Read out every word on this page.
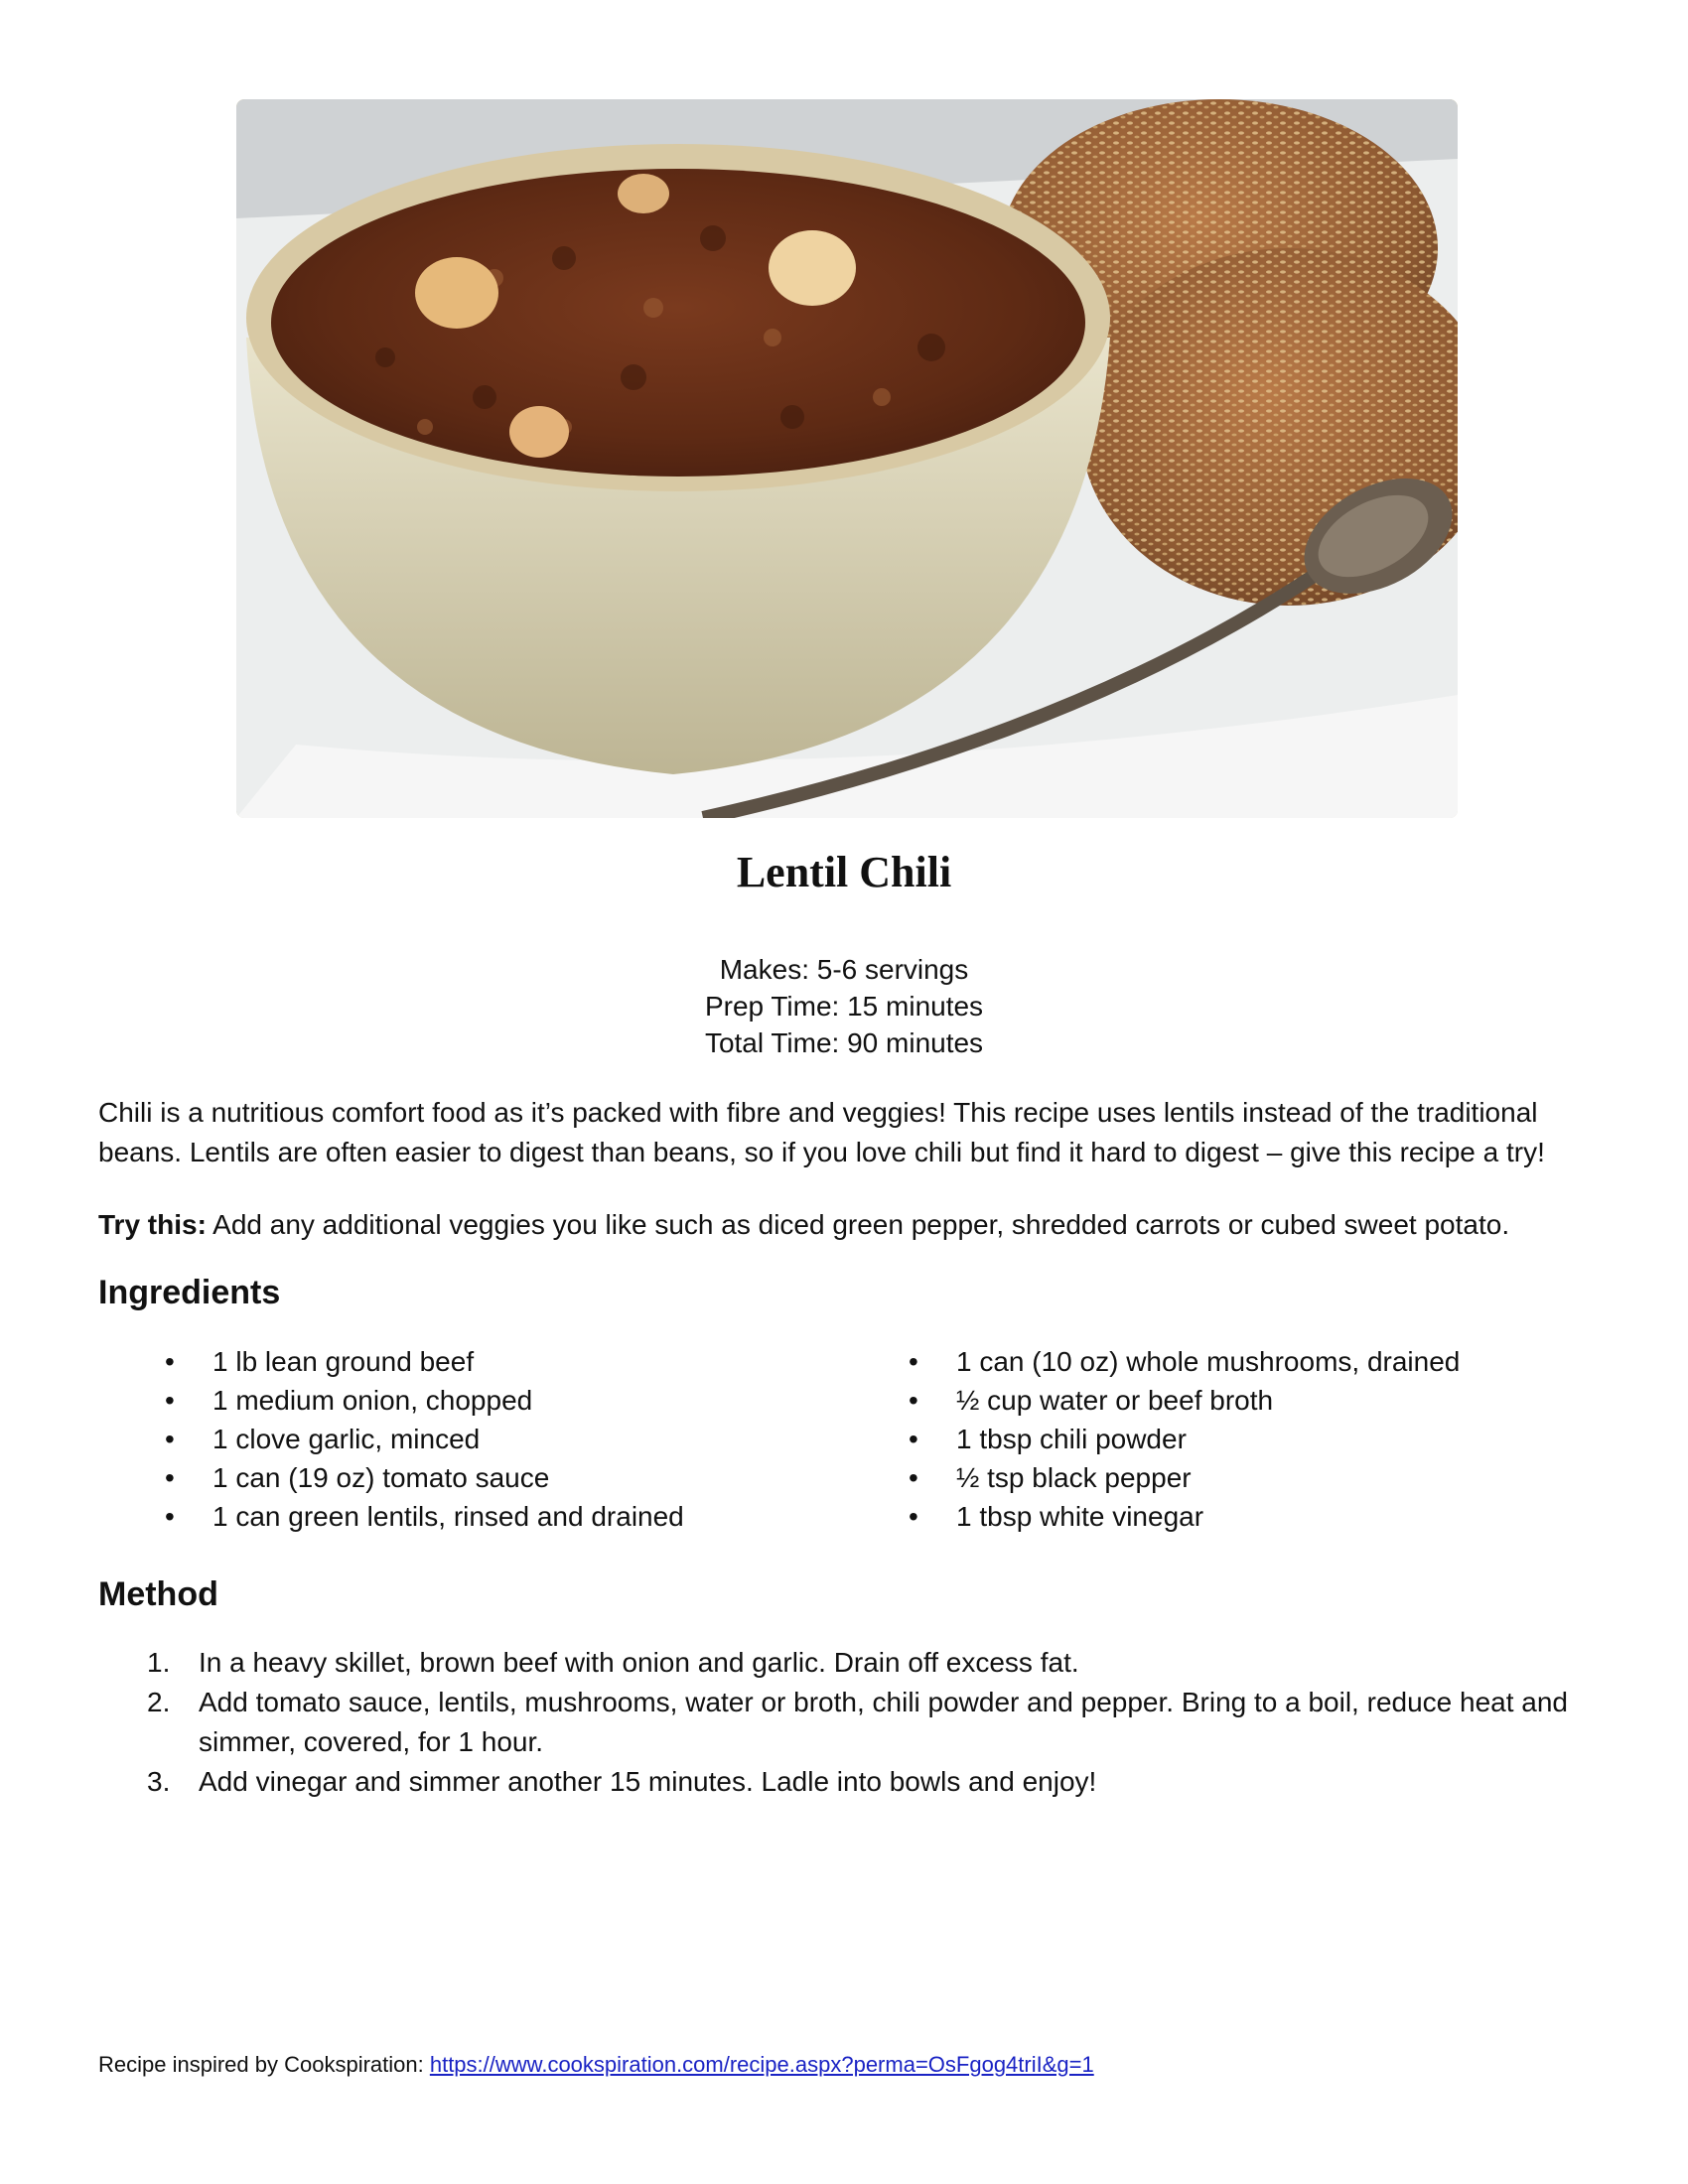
Lentil Chili
Makes: 5-6 servings
Prep Time: 15 minutes
Total Time: 90 minutes
Chili is a nutritious comfort food as it’s packed with fibre and veggies! This recipe uses lentils instead of the traditional beans. Lentils are often easier to digest than beans, so if you love chili but find it hard to digest – give this recipe a try!
Try this: Add any additional veggies you like such as diced green pepper, shredded carrots or cubed sweet potato.
Ingredients
• 1 lb lean ground beef
• 1 medium onion, chopped
• 1 clove garlic, minced
• 1 can (19 oz) tomato sauce
• 1 can green lentils, rinsed and drained
• 1 can (10 oz) whole mushrooms, drained
• ½ cup water or beef broth
• 1 tbsp chili powder
• ½ tsp black pepper
• 1 tbsp white vinegar
Method
1. In a heavy skillet, brown beef with onion and garlic. Drain off excess fat.
2. Add tomato sauce, lentils, mushrooms, water or broth, chili powder and pepper. Bring to a boil, reduce heat and simmer, covered, for 1 hour.
3. Add vinegar and simmer another 15 minutes. Ladle into bowls and enjoy!
Recipe inspired by Cookspiration: https://www.cookspiration.com/recipe.aspx?perma=OsFgog4triI&g=1
